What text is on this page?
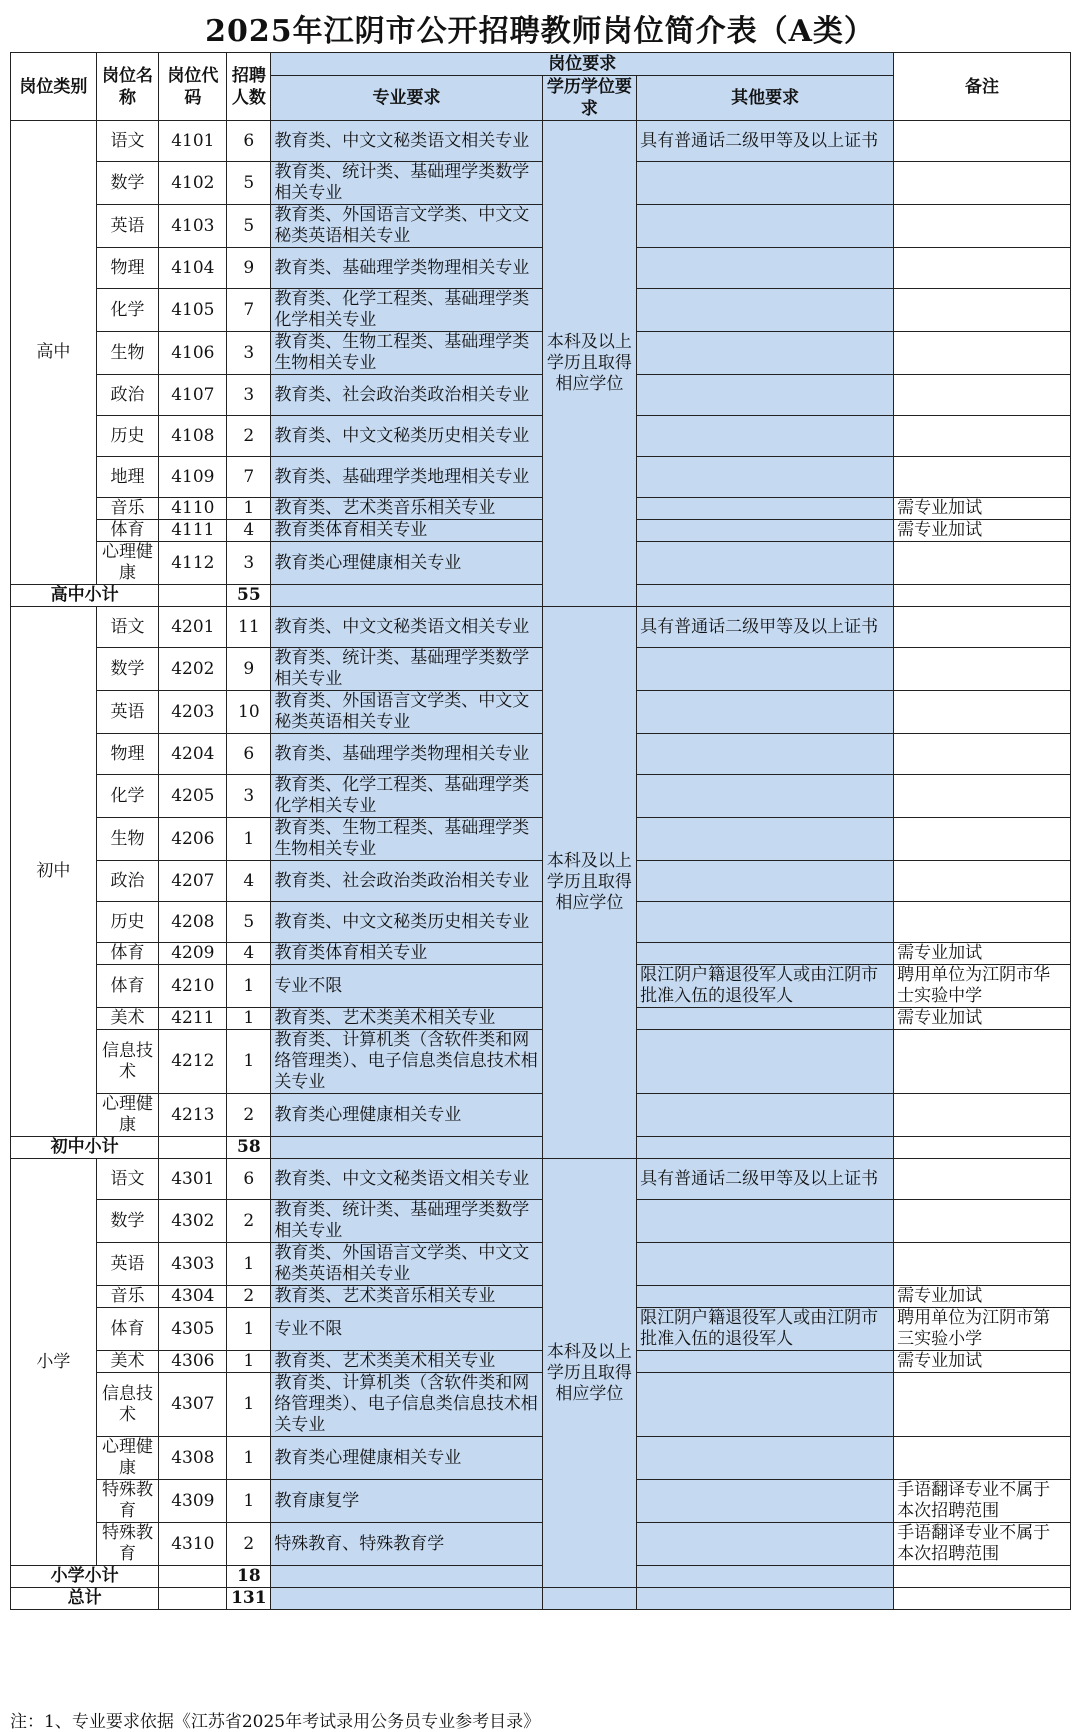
2025年江阴市公开招聘教师岗位简介表（A类）
岗位类别	岗位名称	岗位代码	招聘人数	岗位要求			备注
				专业要求	学历学位要求	其他要求	
高中	语文	4101	6	教育类、中文文秘类语文相关专业	本科及以上学历且取得相应学位	具有普通话二级甲等及以上证书	
	数学	4102	5	教育类、统计类、基础理学类数学相关专业			
	英语	4103	5	教育类、外国语言文学类、中文文秘类英语相关专业			
	物理	4104	9	教育类、基础理学类物理相关专业			
	化学	4105	7	教育类、化学工程类、基础理学类化学相关专业			
	生物	4106	3	教育类、生物工程类、基础理学类生物相关专业			
	政治	4107	3	教育类、社会政治类政治相关专业			
	历史	4108	2	教育类、中文文秘类历史相关专业			
	地理	4109	7	教育类、基础理学类地理相关专业			
	音乐	4110	1	教育类、艺术类音乐相关专业			需专业加试
	体育	4111	4	教育类体育相关专业			需专业加试
	心理健康	4112	3	教育类心理健康相关专业			
高中小计			55				
初中	语文	4201	11	教育类、中文文秘类语文相关专业	本科及以上学历且取得相应学位	具有普通话二级甲等及以上证书	
	数学	4202	9	教育类、统计类、基础理学类数学相关专业			
	英语	4203	10	教育类、外国语言文学类、中文文秘类英语相关专业			
	物理	4204	6	教育类、基础理学类物理相关专业			
	化学	4205	3	教育类、化学工程类、基础理学类化学相关专业			
	生物	4206	1	教育类、生物工程类、基础理学类生物相关专业			
	政治	4207	4	教育类、社会政治类政治相关专业			
	历史	4208	5	教育类、中文文秘类历史相关专业			
	体育	4209	4	教育类体育相关专业			需专业加试
	体育	4210	1	专业不限		限江阴户籍退役军人或由江阴市批准入伍的退役军人	聘用单位为江阴市华士实验中学
	美术	4211	1	教育类、艺术类美术相关专业			需专业加试
	信息技术	4212	1	教育类、计算机类（含软件类和网络管理类）、电子信息类信息技术相关专业			
	心理健康	4213	2	教育类心理健康相关专业			
初中小计			58				
小学	语文	4301	6	教育类、中文文秘类语文相关专业	本科及以上学历且取得相应学位	具有普通话二级甲等及以上证书	
	数学	4302	2	教育类、统计类、基础理学类数学相关专业			
	英语	4303	1	教育类、外国语言文学类、中文文秘类英语相关专业			
	音乐	4304	2	教育类、艺术类音乐相关专业			需专业加试
	体育	4305	1	专业不限		限江阴户籍退役军人或由江阴市批准入伍的退役军人	聘用单位为江阴市第三实验小学
	美术	4306	1	教育类、艺术类美术相关专业			需专业加试
	信息技术	4307	1	教育类、计算机类（含软件类和网络管理类）、电子信息类信息技术相关专业			
	心理健康	4308	1	教育类心理健康相关专业			
	特殊教育	4309	1	教育康复学			手语翻译专业不属于本次招聘范围
	特殊教育	4310	2	特殊教育、特殊教育学			手语翻译专业不属于本次招聘范围
小学小计			18				
总计			131				
注：1、专业要求依据《江苏省2025年考试录用公务员专业参考目录》
